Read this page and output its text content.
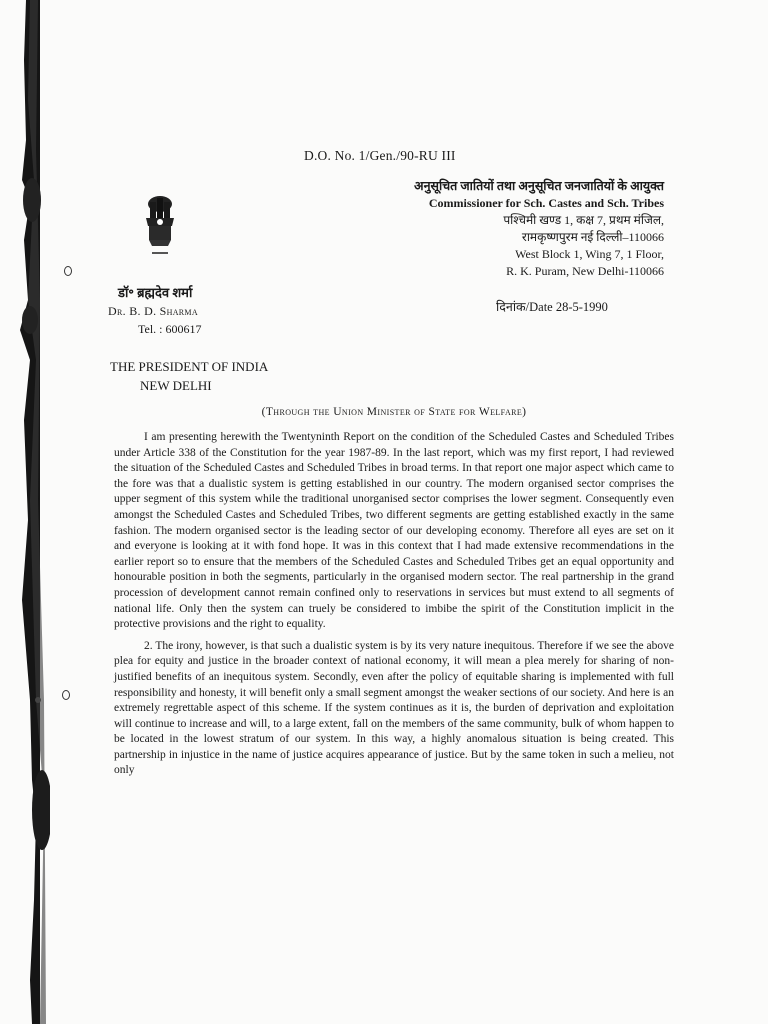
D.O. No. 1/Gen./90-RU III
अनुसूचित जातियों तथा अनुसूचित जनजातियों के आयुक्त
Commissioner for Sch. Castes and Sch. Tribes
पश्चिमी खण्ड 1, कक्ष 7, प्रथम मंजिल,
रामकृष्णपुरम नई दिल्ली–110066
West Block 1, Wing 7, 1 Floor,
R. K. Puram, New Delhi-110066
दिनांक/Date 28-5-1990
डॉ॰ ब्रह्मदेव शर्मा
Dr. B. D. Sharma
Tel. : 600617
THE PRESIDENT OF INDIA
NEW DELHI
(Through the Union Minister of State for Welfare)

I am presenting herewith the Twentyninth Report on the condition of the Scheduled Castes and Scheduled Tribes under Article 338 of the Constitution for the year 1987-89. In the last report, which was my first report, I had reviewed the situation of the Scheduled Castes and Scheduled Tribes in broad terms. In that report one major aspect which came to the fore was that a dualistic system is getting established in our country. The modern organised sector comprises the upper segment of this system while the traditional unorganised sector comprises the lower segment. Consequently even amongst the Scheduled Castes and Scheduled Tribes, two different segments are getting established exactly in the same fashion. The modern organised sector is the leading sector of our developing economy. Therefore all eyes are set on it and everyone is looking at it with fond hope. It was in this context that I had made extensive recommendations in the earlier report so to ensure that the members of the Scheduled Castes and Scheduled Tribes get an equal opportunity and honourable position in both the segments, particularly in the organised modern sector. The real partnership in the grand procession of development cannot remain confined only to reservations in services but must extend to all segments of national life. Only then the system can truely be considered to imbibe the spirit of the Constitution implicit in the protective provisions and the right to equality.

2. The irony, however, is that such a dualistic system is by its very nature inequitous. Therefore if we see the above plea for equity and justice in the broader context of national economy, it will mean a plea merely for sharing of non-justified benefits of an inequitous system. Secondly, even after the policy of equitable sharing is implemented with full responsibility and honesty, it will benefit only a small segment amongst the weaker sections of our society. And here is an extremely regrettable aspect of this scheme. If the system continues as it is, the burden of deprivation and exploitation will continue to increase and will, to a large extent, fall on the members of the same community, bulk of whom happen to be located in the lowest stratum of our system. In this way, a highly anomalous situation is being created. This partnership in injustice in the name of justice acquires appearance of justice. But by the same token in such a melieu, not only
